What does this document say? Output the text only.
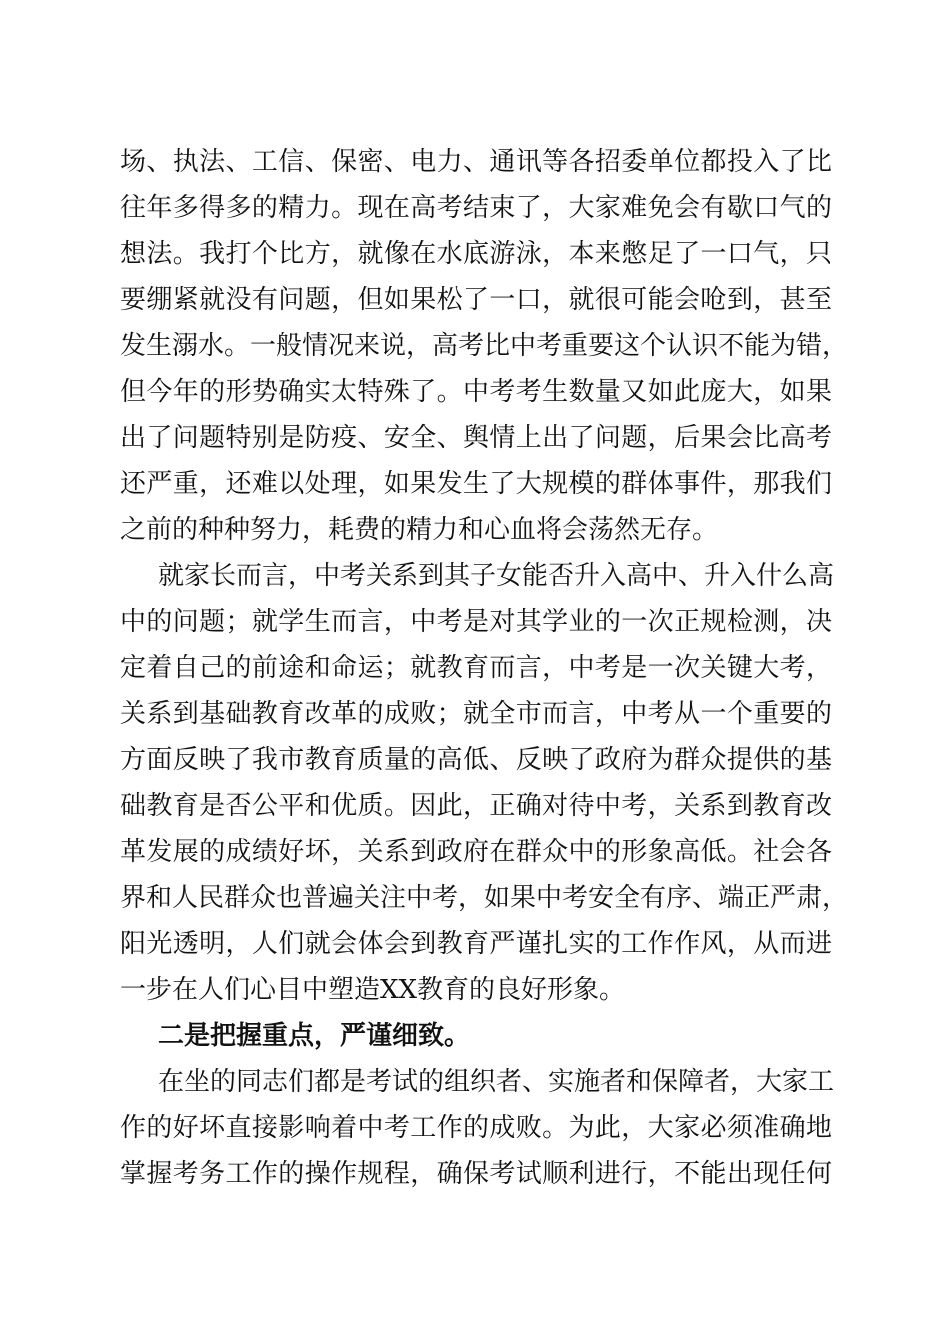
场、执法、工信、保密、电力、通讯等各招委单位都投入了比
往年多得多的精力。现在高考结束了，大家难免会有歇口气的
想法。我打个比方，就像在水底游泳，本来憋足了一口气，只
要绷紧就没有问题，但如果松了一口，就很可能会呛到，甚至
发生溺水。一般情况来说，高考比中考重要这个认识不能为错，
但今年的形势确实太特殊了。中考考生数量又如此庞大，如果
出了问题特别是防疫、安全、舆情上出了问题，后果会比高考
还严重，还难以处理，如果发生了大规模的群体事件，那我们
之前的种种努力，耗费的精力和心血将会荡然无存。
就家长而言，中考关系到其子女能否升入高中、升入什么高
中的问题；就学生而言，中考是对其学业的一次正规检测，决
定着自己的前途和命运；就教育而言，中考是一次关键大考，
关系到基础教育改革的成败；就全市而言，中考从一个重要的
方面反映了我市教育质量的高低、反映了政府为群众提供的基
础教育是否公平和优质。因此，正确对待中考，关系到教育改
革发展的成绩好坏，关系到政府在群众中的形象高低。社会各
界和人民群众也普遍关注中考，如果中考安全有序、端正严肃，
阳光透明，人们就会体会到教育严谨扎实的工作作风，从而进
一步在人们心目中塑造XX教育的良好形象。
二是把握重点，严谨细致。
在坐的同志们都是考试的组织者、实施者和保障者，大家工
作的好坏直接影响着中考工作的成败。为此，大家必须准确地
掌握考务工作的操作规程，确保考试顺利进行，不能出现任何
